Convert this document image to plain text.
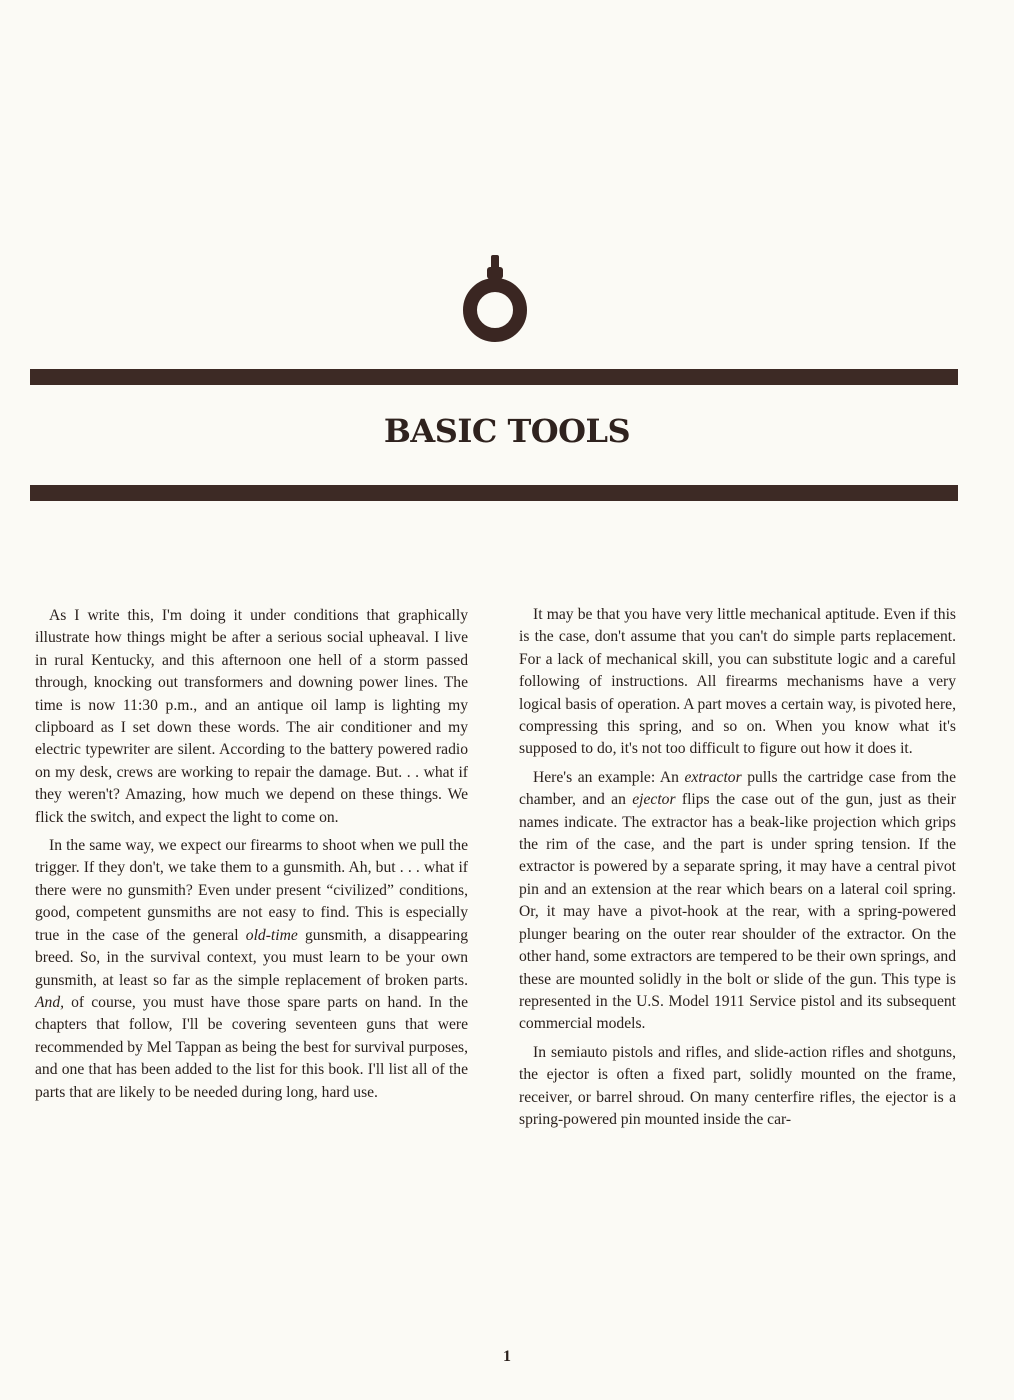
BASIC TOOLS

As I write this, I'm doing it under conditions that graphically illustrate how things might be after a serious social upheaval. I live in rural Kentucky, and this afternoon one hell of a storm passed through, knocking out transformers and downing power lines. The time is now 11:30 p.m., and an antique oil lamp is lighting my clipboard as I set down these words. The air conditioner and my electric typewriter are silent. According to the battery powered radio on my desk, crews are working to repair the damage. But. . . what if they weren't? Amazing, how much we depend on these things. We flick the switch, and expect the light to come on.

In the same way, we expect our firearms to shoot when we pull the trigger. If they don't, we take them to a gunsmith. Ah, but . . . what if there were no gunsmith? Even under present “civilized” conditions, good, competent gunsmiths are not easy to find. This is especially true in the case of the general old-time gunsmith, a disappearing breed. So, in the survival context, you must learn to be your own gunsmith, at least so far as the simple replacement of broken parts. And, of course, you must have those spare parts on hand. In the chapters that follow, I'll be covering seventeen guns that were recommended by Mel Tappan as being the best for survival purposes, and one that has been added to the list for this book. I'll list all of the parts that are likely to be needed during long, hard use.

It may be that you have very little mechanical aptitude. Even if this is the case, don't assume that you can't do simple parts replacement. For a lack of mechanical skill, you can substitute logic and a careful following of instructions. All firearms mechanisms have a very logical basis of operation. A part moves a certain way, is pivoted here, compressing this spring, and so on. When you know what it's supposed to do, it's not too difficult to figure out how it does it.

Here's an example: An extractor pulls the cartridge case from the chamber, and an ejector flips the case out of the gun, just as their names indicate. The extractor has a beak-like projection which grips the rim of the case, and the part is under spring tension. If the extractor is powered by a separate spring, it may have a central pivot pin and an extension at the rear which bears on a lateral coil spring. Or, it may have a pivot-hook at the rear, with a spring-powered plunger bearing on the outer rear shoulder of the extractor. On the other hand, some extractors are tempered to be their own springs, and these are mounted solidly in the bolt or slide of the gun. This type is represented in the U.S. Model 1911 Service pistol and its subsequent commercial models.

In semiauto pistols and rifles, and slide-action rifles and shotguns, the ejector is often a fixed part, solidly mounted on the frame, receiver, or barrel shroud. On many centerfire rifles, the ejector is a spring-powered pin mounted inside the car-

1
